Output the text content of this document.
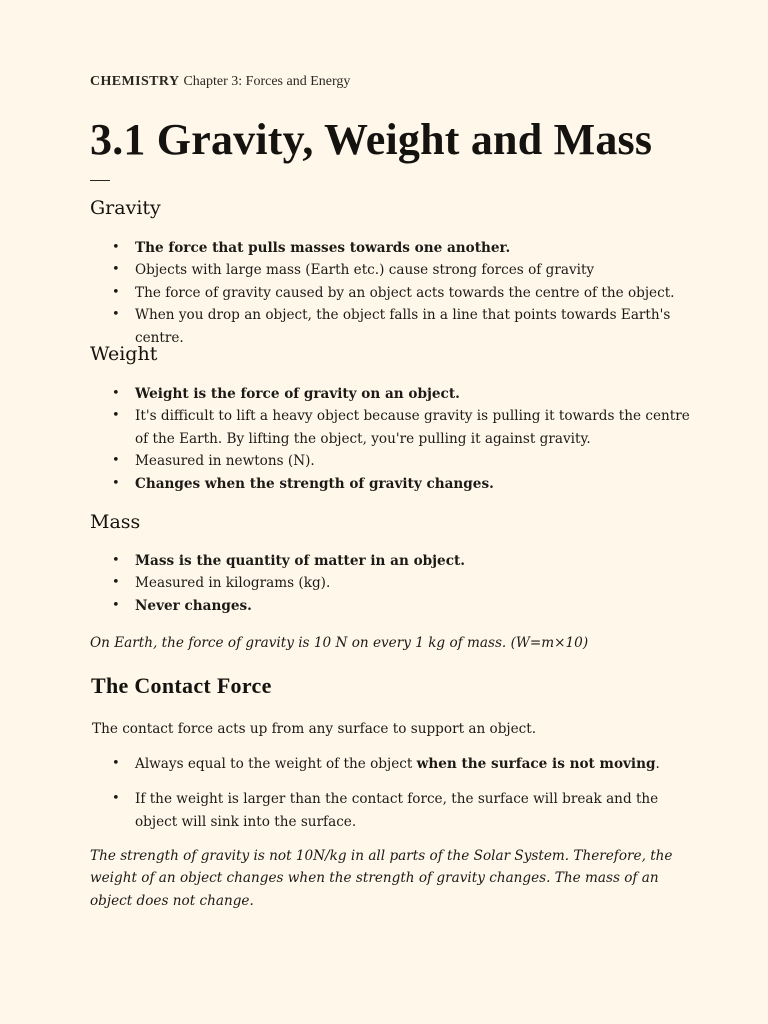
CHEMISTRY Chapter 3: Forces and Energy
3.1 Gravity, Weight and Mass
Gravity
• The force that pulls masses towards one another.
• Objects with large mass (Earth etc.) cause strong forces of gravity
• The force of gravity caused by an object acts towards the centre of the object.
• When you drop an object, the object falls in a line that points towards Earth's centre.
Weight
• Weight is the force of gravity on an object.
• It's difficult to lift a heavy object because gravity is pulling it towards the centre of the Earth. By lifting the object, you're pulling it against gravity.
• Measured in newtons (N).
• Changes when the strength of gravity changes.
Mass
• Mass is the quantity of matter in an object.
• Measured in kilograms (kg).
• Never changes.

On Earth, the force of gravity is 10 N on every 1 kg of mass. (W=m×10)

The Contact Force

The contact force acts up from any surface to support an object.

• Always equal to the weight of the object when the surface is not moving.
• If the weight is larger than the contact force, the surface will break and the object will sink into the surface.

The strength of gravity is not 10N/kg in all parts of the Solar System. Therefore, the weight of an object changes when the strength of gravity changes. The mass of an object does not change.
